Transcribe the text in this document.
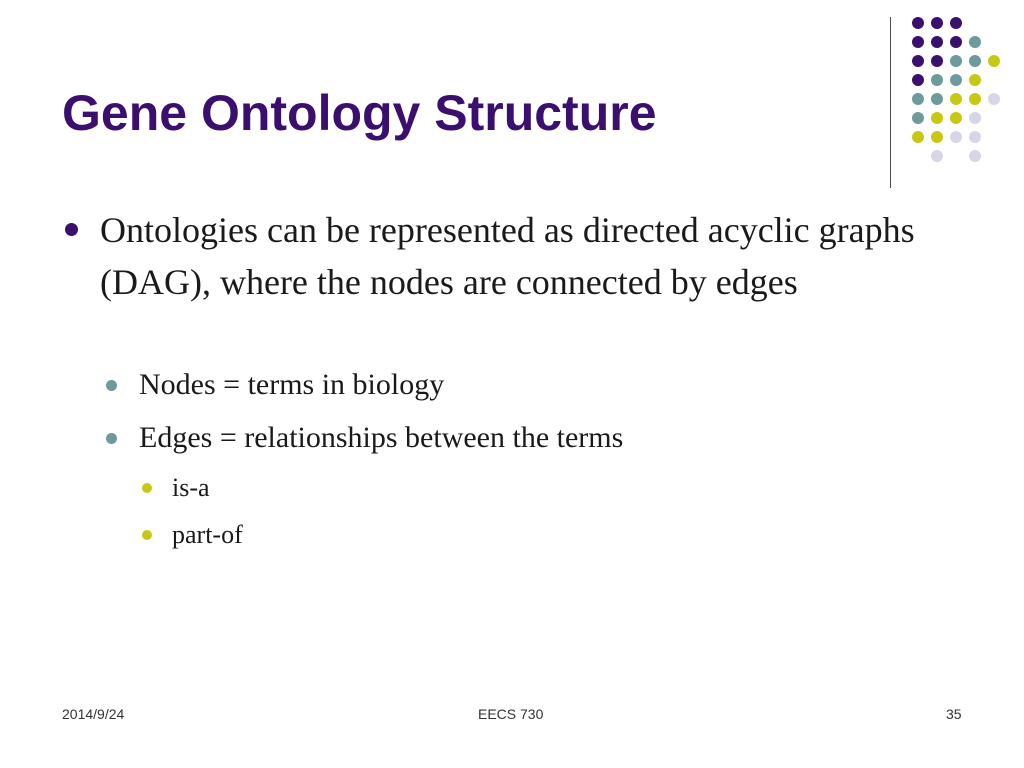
Gene Ontology Structure
Ontologies can be represented as directed acyclic graphs (DAG), where the nodes are connected by edges
Nodes = terms in biology
Edges = relationships between the terms
is-a
part-of
2014/9/24	EECS 730	35
